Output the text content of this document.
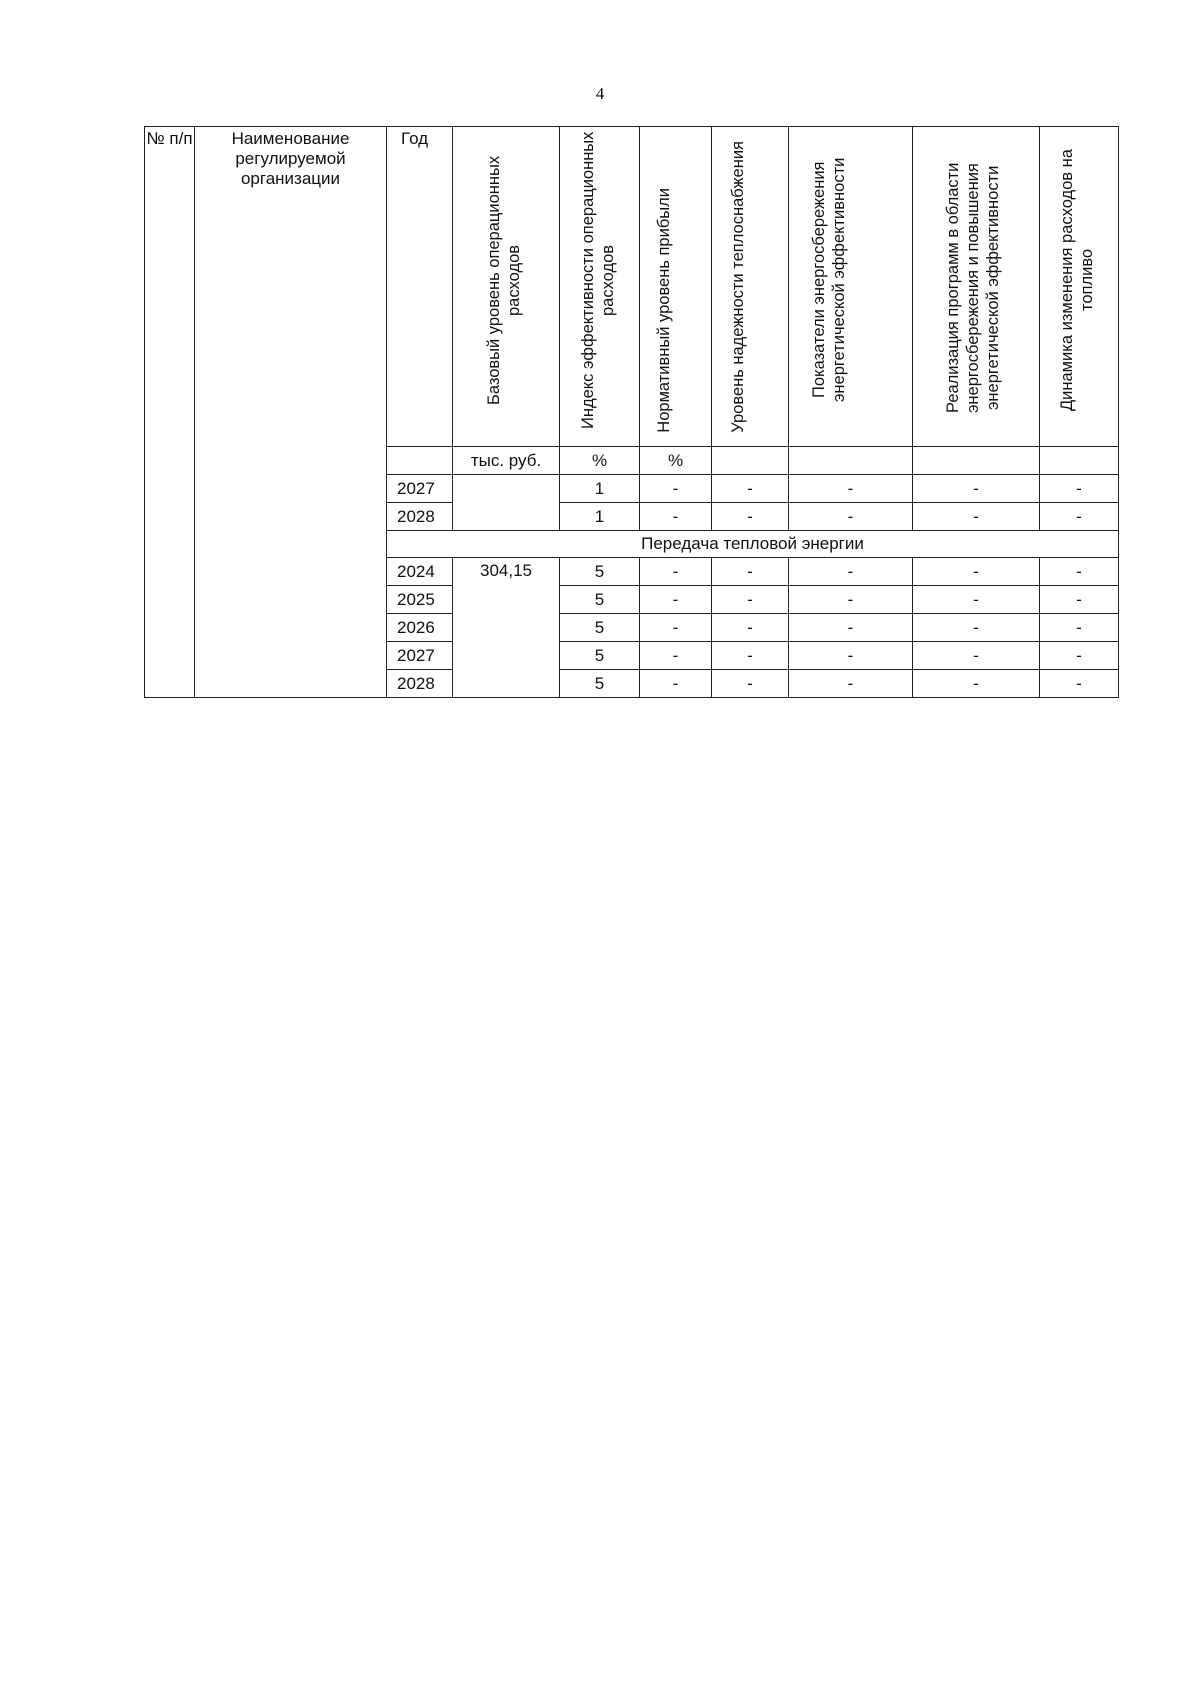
4
№ п/п	Наименование регулируемой организации	Год	Базовый уровень операционных расходов	Индекс эффективности операционных расходов	Нормативный уровень прибыли	Уровень надежности теплоснабжения	Показатели энергосбережения энергетической эффективности	Реализация программ в области энергосбережения и повышения энергетической эффективности	Динамика изменения расходов на топливо
			тыс. руб.	%	%				
		2027		1	-	-	-	-	-
		2028		1	-	-	-	-	-
		Передача тепловой энергии							
		2024	304,15	5	-	-	-	-	-
		2025		5	-	-	-	-	-
		2026		5	-	-	-	-	-
		2027		5	-	-	-	-	-
		2028		5	-	-	-	-	-
